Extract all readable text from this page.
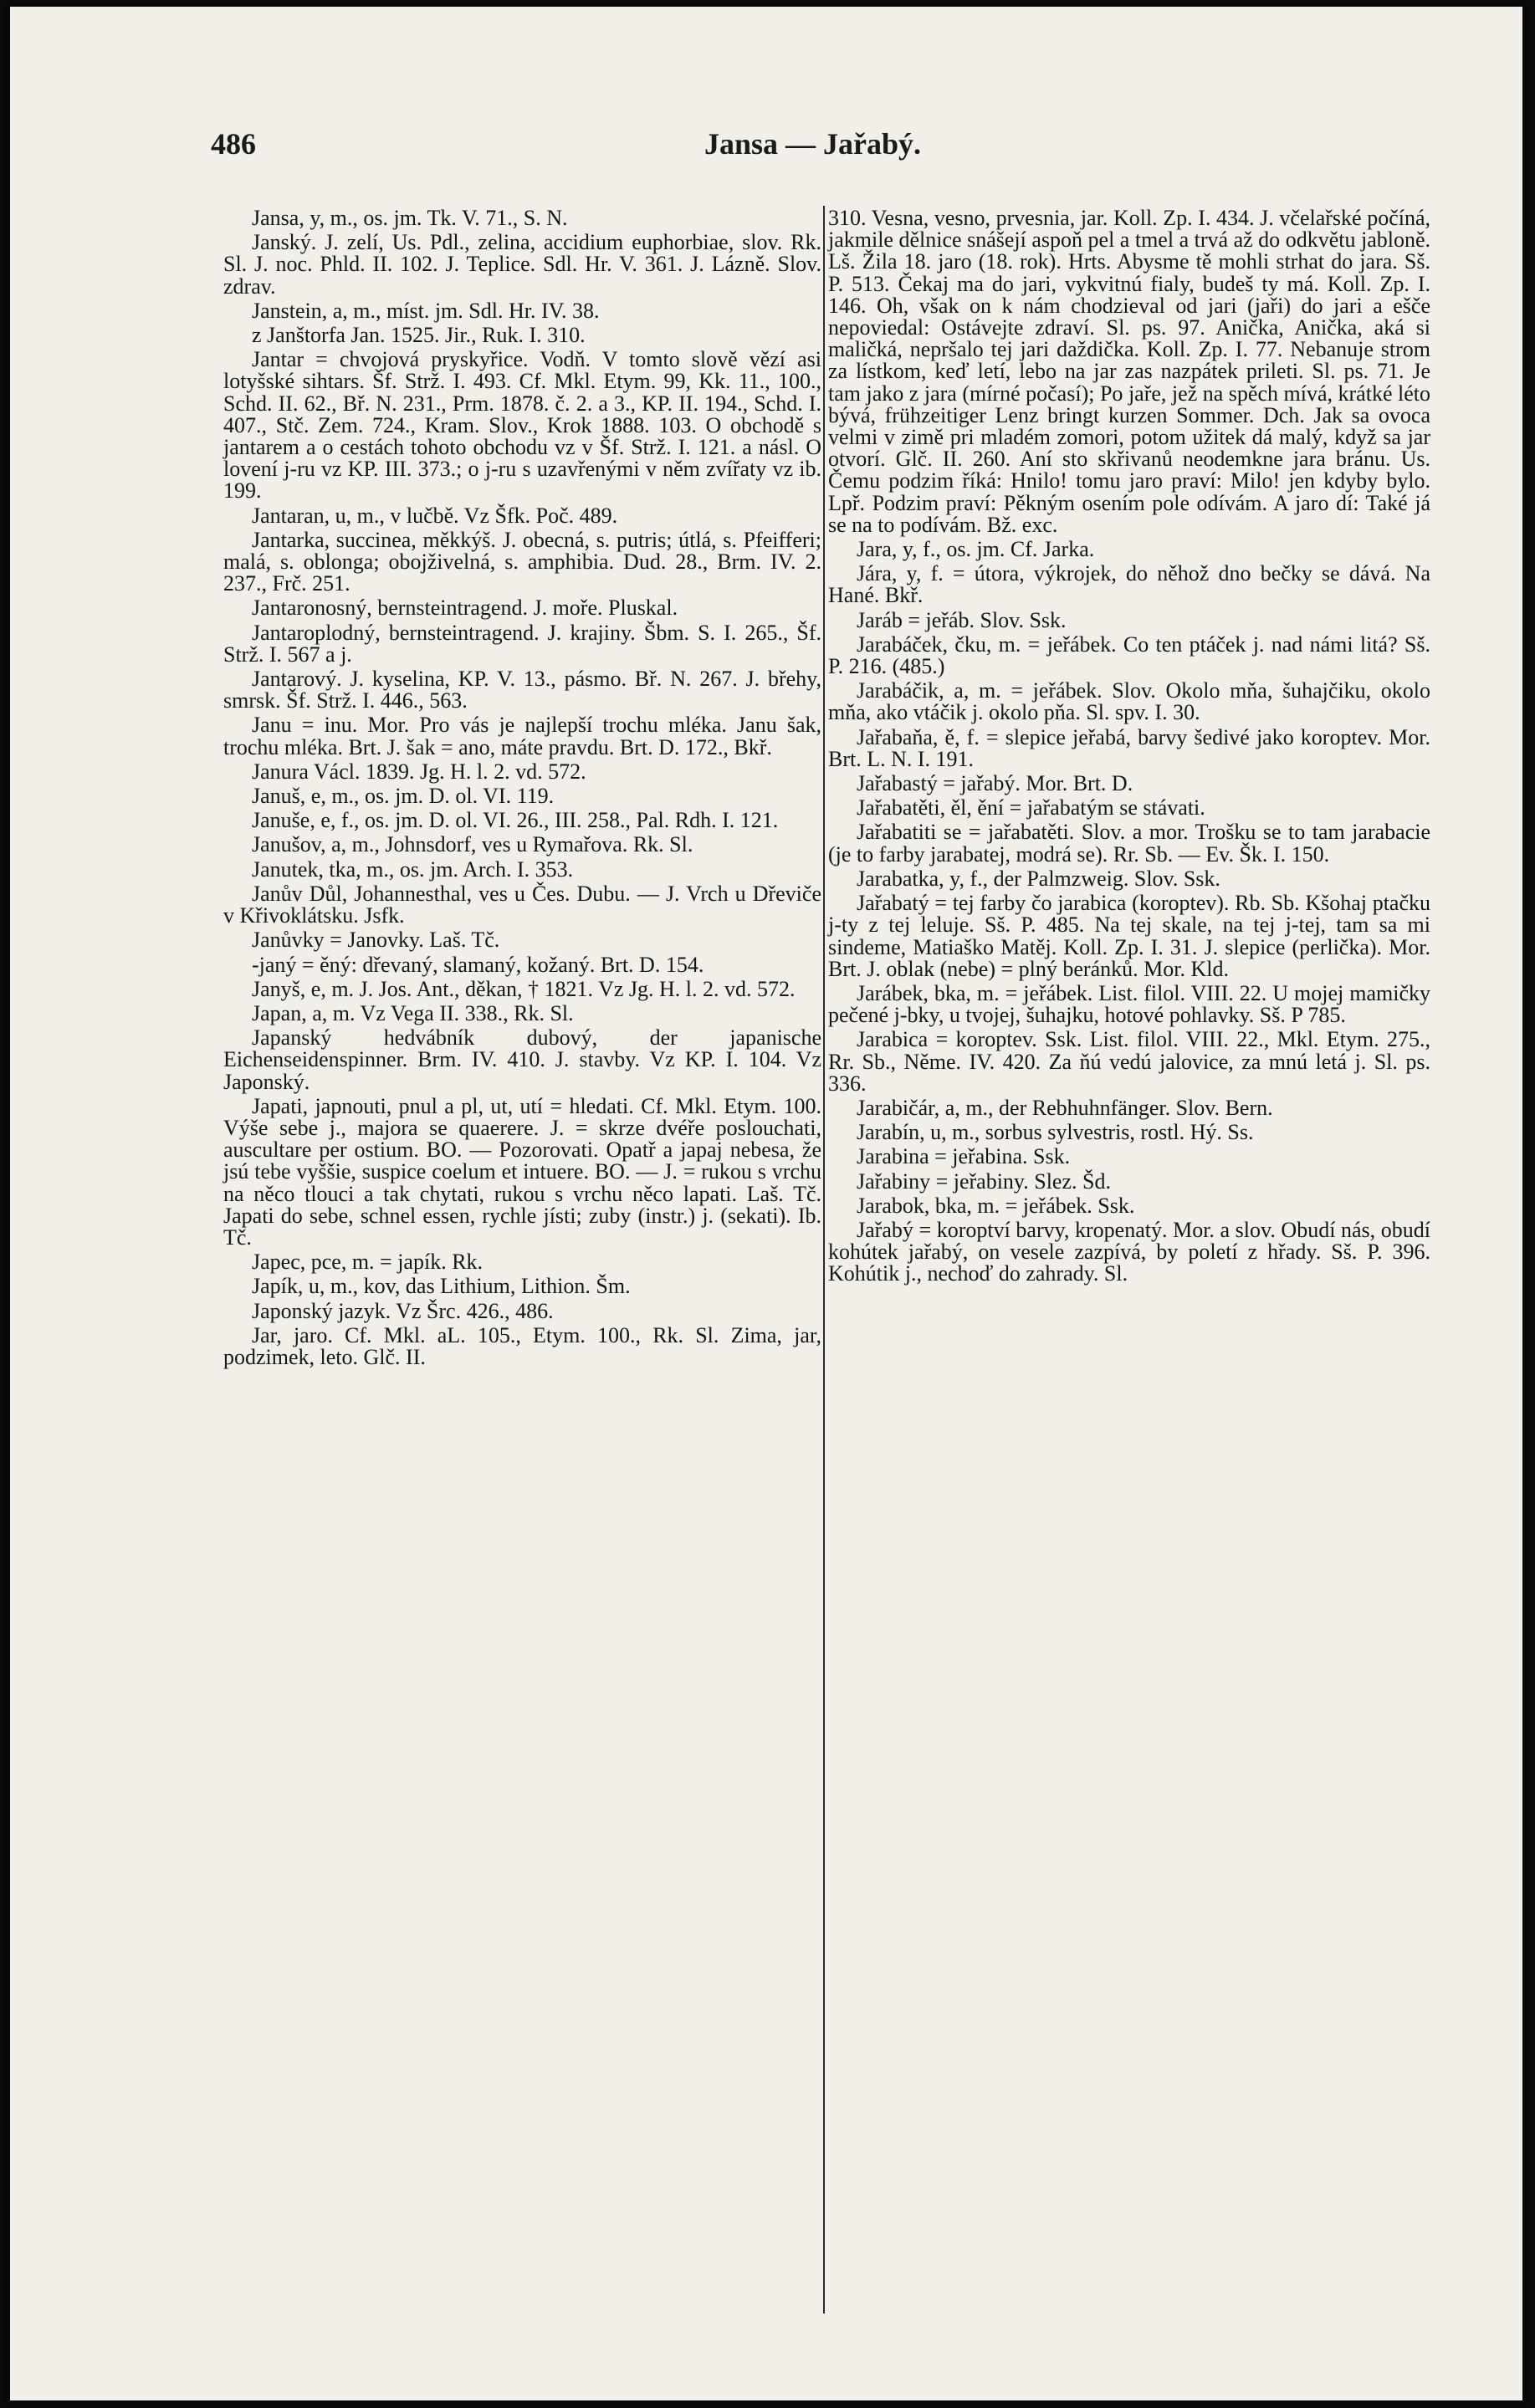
486	Jansa — Jařabý.

Jansa, y, m., os. jm. Tk. V. 71., S. N.

Janský. J. zelí, Us. Pdl., zelina, accidium euphorbiae, slov. Rk. Sl. J. noc. Phld. II. 102. J. Teplice. Sdl. Hr. V. 361. J. Lázně. Slov. zdrav.

Janstein, a, m., míst. jm. Sdl. Hr. IV. 38.

z Janštorfa Jan. 1525. Jir., Ruk. I. 310.

Jantar = chvojová pryskyřice. Vodň. V tomto slově vězí asi lotyšské sihtars. Šf. Strž. I. 493. Cf. Mkl. Etym. 99, Kk. 11., 100., Schd. II. 62., Bř. N. 231., Prm. 1878. č. 2. a 3., KP. II. 194., Schd. I. 407., Stč. Zem. 724., Kram. Slov., Krok 1888. 103. O obchodě s jantarem a o cestách tohoto obchodu vz v Šf. Strž. I. 121. a násl. O lovení j-ru vz KP. III. 373.; o j-ru s uzavřenými v něm zvířaty vz ib. 199.

Jantaran, u, m., v lučbě. Vz Šfk. Poč. 489.

Jantarka, succinea, měkkýš. J. obecná, s. putris; útlá, s. Pfeifferi; malá, s. oblonga; obojživelná, s. amphibia. Dud. 28., Brm. IV. 2. 237., Frč. 251.

Jantaronosný, bernsteintragend. J. moře. Pluskal.

Jantaroplodný, bernsteintragend. J. krajiny. Šbm. S. I. 265., Šf. Strž. I. 567 a j.

Jantarový. J. kyselina, KP. V. 13., pásmo. Bř. N. 267. J. břehy, smrsk. Šf. Strž. I. 446., 563.

Janu = inu. Mor. Pro vás je najlepší trochu mléka. Janu šak, trochu mléka. Brt. J. šak = ano, máte pravdu. Brt. D. 172., Bkř.

Janura Václ. 1839. Jg. H. l. 2. vd. 572.

Januš, e, m., os. jm. D. ol. VI. 119.

Januše, e, f., os. jm. D. ol. VI. 26., III. 258., Pal. Rdh. I. 121.

Janušov, a, m., Johnsdorf, ves u Rymařova. Rk. Sl.

Janutek, tka, m., os. jm. Arch. I. 353.

Janův Důl, Johannesthal, ves u Čes. Dubu. — J. Vrch u Dřeviče v Křivoklátsku. Jsfk.

Janůvky = Janovky. Laš. Tč.

-janý = ěný: dřevaný, slamaný, kožaný. Brt. D. 154.

Janyš, e, m. J. Jos. Ant., děkan, † 1821. Vz Jg. H. l. 2. vd. 572.

Japan, a, m. Vz Vega II. 338., Rk. Sl.

Japanský hedvábník dubový, der japanische Eichenseidenspinner. Brm. IV. 410. J. stavby. Vz KP. I. 104. Vz Japonský.

Japati, japnouti, pnul a pl, ut, utí = hledati. Cf. Mkl. Etym. 100. Výše sebe j., majora se quaerere. J. = skrze dvéře poslouchati, auscultare per ostium. BO. — Pozorovati. Opatř a japaj nebesa, že jsú tebe vyššie, suspice coelum et intuere. BO. — J. = rukou s vrchu na něco tlouci a tak chytati, rukou s vrchu něco lapati. Laš. Tč. Japati do sebe, schnel essen, rychle jísti; zuby (instr.) j. (sekati). Ib. Tč.

Japec, pce, m. = japík. Rk.

Japík, u, m., kov, das Lithium, Lithion. Šm.

Japonský jazyk. Vz Šrc. 426., 486.

Jar, jaro. Cf. Mkl. aL. 105., Etym. 100., Rk. Sl. Zima, jar, podzimek, leto. Glč. II.

310. Vesna, vesno, prvesnia, jar. Koll. Zp. I. 434. J. včelařské počíná, jakmile dělnice snášejí aspoň pel a tmel a trvá až do odkvětu jabloně. Lš. Žila 18. jaro (18. rok). Hrts. Abysme tě mohli strhat do jara. Sš. P. 513. Čekaj ma do jari, vykvitnú fialy, budeš ty má. Koll. Zp. I. 146. Oh, však on k nám chodzieval od jari (jaři) do jari a ešče nepoviedal: Ostávejte zdraví. Sl. ps. 97. Anička, Anička, aká si maličká, nepršalo tej jari daždička. Koll. Zp. I. 77. Nebanuje strom za lístkom, keď letí, lebo na jar zas nazpátek prileti. Sl. ps. 71. Je tam jako z jara (mírné počasí); Po jaře, jež na spěch mívá, krátké léto bývá, frühzeitiger Lenz bringt kurzen Sommer. Dch. Jak sa ovoca velmi v zimě pri mladém zomori, potom užitek dá malý, když sa jar otvorí. Glč. II. 260. Aní sto skřivanů neodemkne jara bránu. Us. Čemu podzim říká: Hnilo! tomu jaro praví: Milo! jen kdyby bylo. Lpř. Podzim praví: Pěkným osením pole odívám. A jaro dí: Také já se na to podívám. Bž. exc.

Jara, y, f., os. jm. Cf. Jarka.

Jára, y, f. = útora, výkrojek, do něhož dno bečky se dává. Na Hané. Bkř.

Jaráb = jeřáb. Slov. Ssk.

Jarabáček, čku, m. = jeřábek. Co ten ptáček j. nad námi litá? Sš. P. 216. (485.)

Jarabáčik, a, m. = jeřábek. Slov. Okolo mňa, šuhajčiku, okolo mňa, ako vtáčik j. okolo pňa. Sl. spv. I. 30.

Jařabaňa, ě, f. = slepice jeřabá, barvy šedivé jako koroptev. Mor. Brt. L. N. I. 191.

Jařabastý = jařabý. Mor. Brt. D.

Jařabatěti, ěl, ění = jařabatým se stávati.

Jařabatiti se = jařabatěti. Slov. a mor. Trošku se to tam jarabacie (je to farby jarabatej, modrá se). Rr. Sb. — Ev. Šk. I. 150.

Jarabatka, y, f., der Palmzweig. Slov. Ssk.

Jařabatý = tej farby čo jarabica (koroptev). Rb. Sb. Kšohaj ptačku j-ty z tej leluje. Sš. P. 485. Na tej skale, na tej j-tej, tam sa mi sindeme, Matiaško Matěj. Koll. Zp. I. 31. J. slepice (perlička). Mor. Brt. J. oblak (nebe) = plný beránků. Mor. Kld.

Jarábek, bka, m. = jeřábek. List. filol. VIII. 22. U mojej mamičky pečené j-bky, u tvojej, šuhajku, hotové pohlavky. Sš. P 785.

Jarabica = koroptev. Ssk. List. filol. VIII. 22., Mkl. Etym. 275., Rr. Sb., Něme. IV. 420. Za ňú vedú jalovice, za mnú letá j. Sl. ps. 336.

Jarabičár, a, m., der Rebhuhnfänger. Slov. Bern.

Jarabín, u, m., sorbus sylvestris, rostl. Hý. Ss.

Jarabina = jeřabina. Ssk.

Jařabiny = jeřabiny. Slez. Šd.

Jarabok, bka, m. = jeřábek. Ssk.

Jařabý = koroptví barvy, kropenatý. Mor. a slov. Obudí nás, obudí kohútek jařabý, on vesele zazpívá, by poletí z hřady. Sš. P. 396. Kohútik j., nechoď do zahrady. Sl.
